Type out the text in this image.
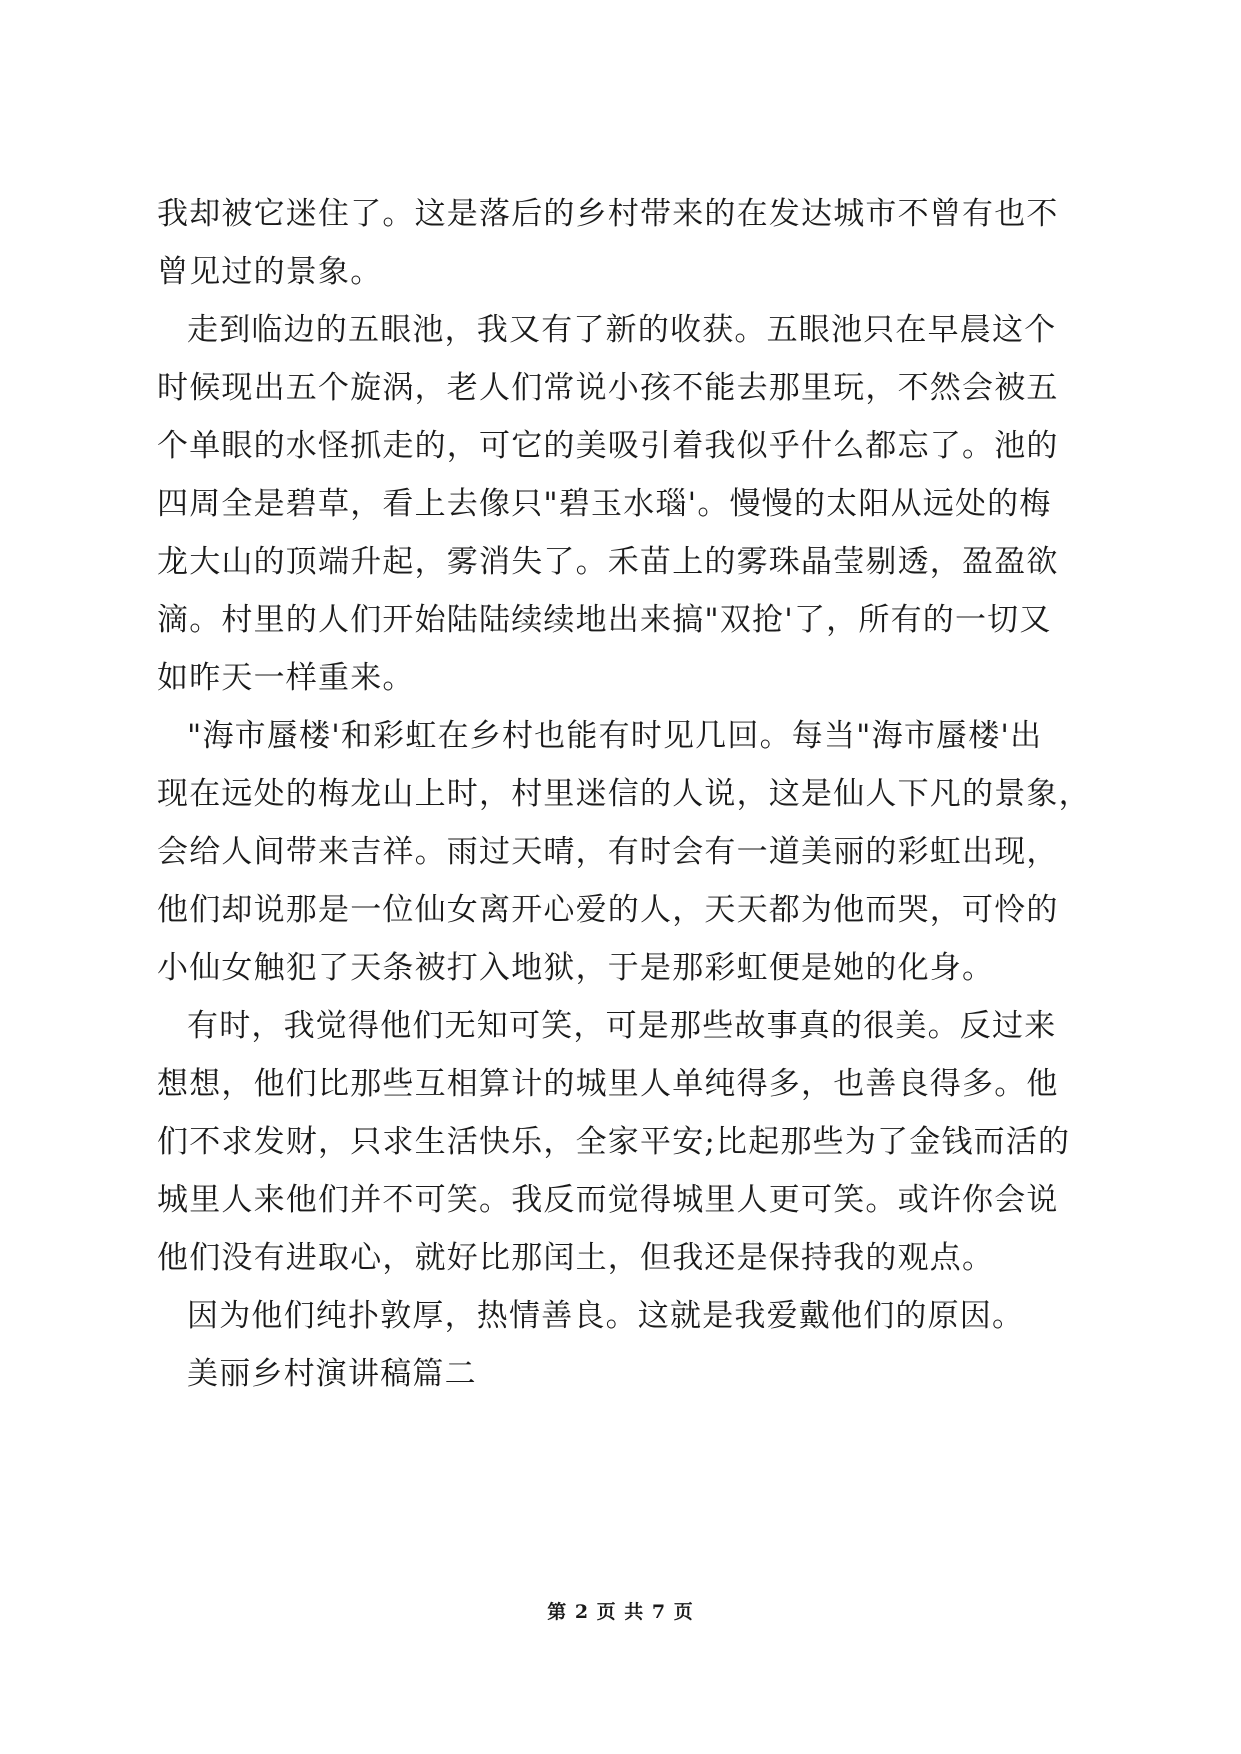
我却被它迷住了。这是落后的乡村带来的在发达城市不曾有也不
曾见过的景象。
走到临边的五眼池，我又有了新的收获。五眼池只在早晨这个
时候现出五个旋涡，老人们常说小孩不能去那里玩，不然会被五
个单眼的水怪抓走的，可它的美吸引着我似乎什么都忘了。池的
四周全是碧草，看上去像只"碧玉水瑙'。慢慢的太阳从远处的梅
龙大山的顶端升起，雾消失了。禾苗上的雾珠晶莹剔透，盈盈欲
滴。村里的人们开始陆陆续续地出来搞"双抢'了，所有的一切又
如昨天一样重来。
"海市蜃楼'和彩虹在乡村也能有时见几回。每当"海市蜃楼'出
现在远处的梅龙山上时，村里迷信的人说，这是仙人下凡的景象，
会给人间带来吉祥。雨过天晴，有时会有一道美丽的彩虹出现，
他们却说那是一位仙女离开心爱的人，天天都为他而哭，可怜的
小仙女触犯了天条被打入地狱，于是那彩虹便是她的化身。
有时，我觉得他们无知可笑，可是那些故事真的很美。反过来
想想，他们比那些互相算计的城里人单纯得多，也善良得多。他
们不求发财，只求生活快乐，全家平安;比起那些为了金钱而活的
城里人来他们并不可笑。我反而觉得城里人更可笑。或许你会说
他们没有进取心，就好比那闰土，但我还是保持我的观点。
因为他们纯扑敦厚，热情善良。这就是我爱戴他们的原因。
美丽乡村演讲稿篇二
第 2 页 共 7 页
